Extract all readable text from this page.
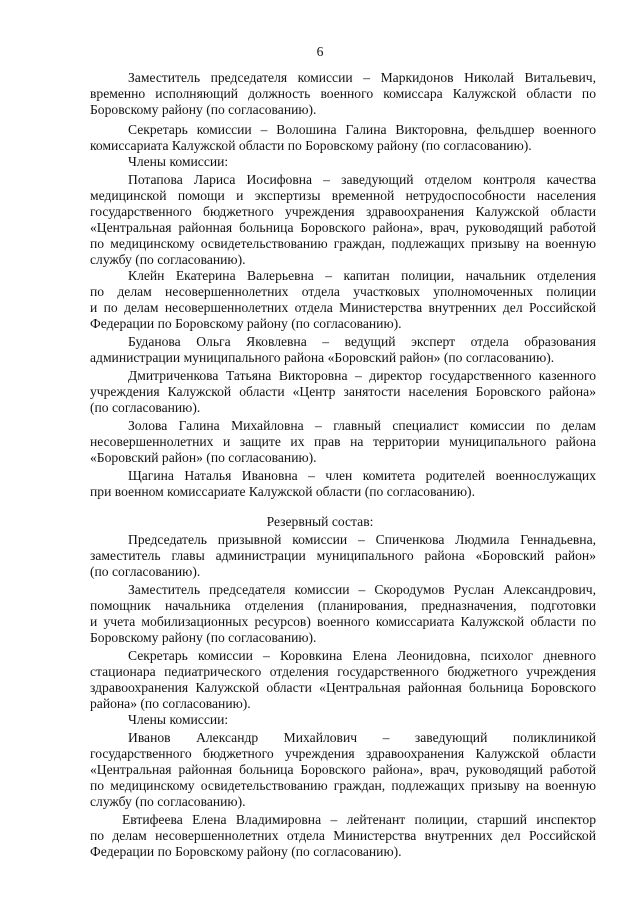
6
Заместитель председателя комиссии – Маркидонов Николай Витальевич,
временно исполняющий должность военного комиссара Калужской области по
Боровскому району (по согласованию).
Секретарь комиссии – Волошина Галина Викторовна, фельдшер военного
комиссариата Калужской области по Боровскому району (по согласованию).
Члены комиссии:
Потапова Лариса Иосифовна – заведующий отделом контроля качества
медицинской помощи и экспертизы временной нетрудоспособности населения
государственного бюджетного учреждения здравоохранения Калужской области
«Центральная районная больница Боровского района», врач, руководящий работой
по медицинскому освидетельствованию граждан, подлежащих призыву на военную
службу (по согласованию).
Клейн Екатерина Валерьевна – капитан полиции, начальник отделения
по делам несовершеннолетних отдела участковых уполномоченных полиции
и по делам несовершеннолетних отдела Министерства внутренних дел Российской
Федерации по Боровскому району (по согласованию).
Буданова Ольга Яковлевна – ведущий эксперт отдела образования
администрации муниципального района «Боровский район» (по согласованию).
Дмитриченкова Татьяна Викторовна – директор государственного казенного
учреждения Калужской области «Центр занятости населения Боровского района»
(по согласованию).
Золова Галина Михайловна – главный специалист комиссии по делам
несовершеннолетних и защите их прав на территории муниципального района
«Боровский район» (по согласованию).
Щагина Наталья Ивановна – член комитета родителей военнослужащих
при военном комиссариате Калужской области (по согласованию).
Резервный состав:
Председатель призывной комиссии – Спиченкова Людмила Геннадьевна,
заместитель главы администрации муниципального района «Боровский район»
(по согласованию).
Заместитель председателя комиссии – Скородумов Руслан Александрович,
помощник начальника отделения (планирования, предназначения, подготовки
и учета мобилизационных ресурсов) военного комиссариата Калужской области по
Боровскому району (по согласованию).
Секретарь комиссии – Коровкина Елена Леонидовна, психолог дневного
стационара педиатрического отделения государственного бюджетного учреждения
здравоохранения Калужской области «Центральная районная больница Боровского
района» (по согласованию).
Члены комиссии:
Иванов Александр Михайлович – заведующий поликлиникой
государственного бюджетного учреждения здравоохранения Калужской области
«Центральная районная больница Боровского района», врач, руководящий работой
по медицинскому освидетельствованию граждан, подлежащих призыву на военную
службу (по согласованию).
Евтифеева Елена Владимировна – лейтенант полиции, старший инспектор
по делам несовершеннолетних отдела Министерства внутренних дел Российской
Федерации по Боровскому району (по согласованию).
